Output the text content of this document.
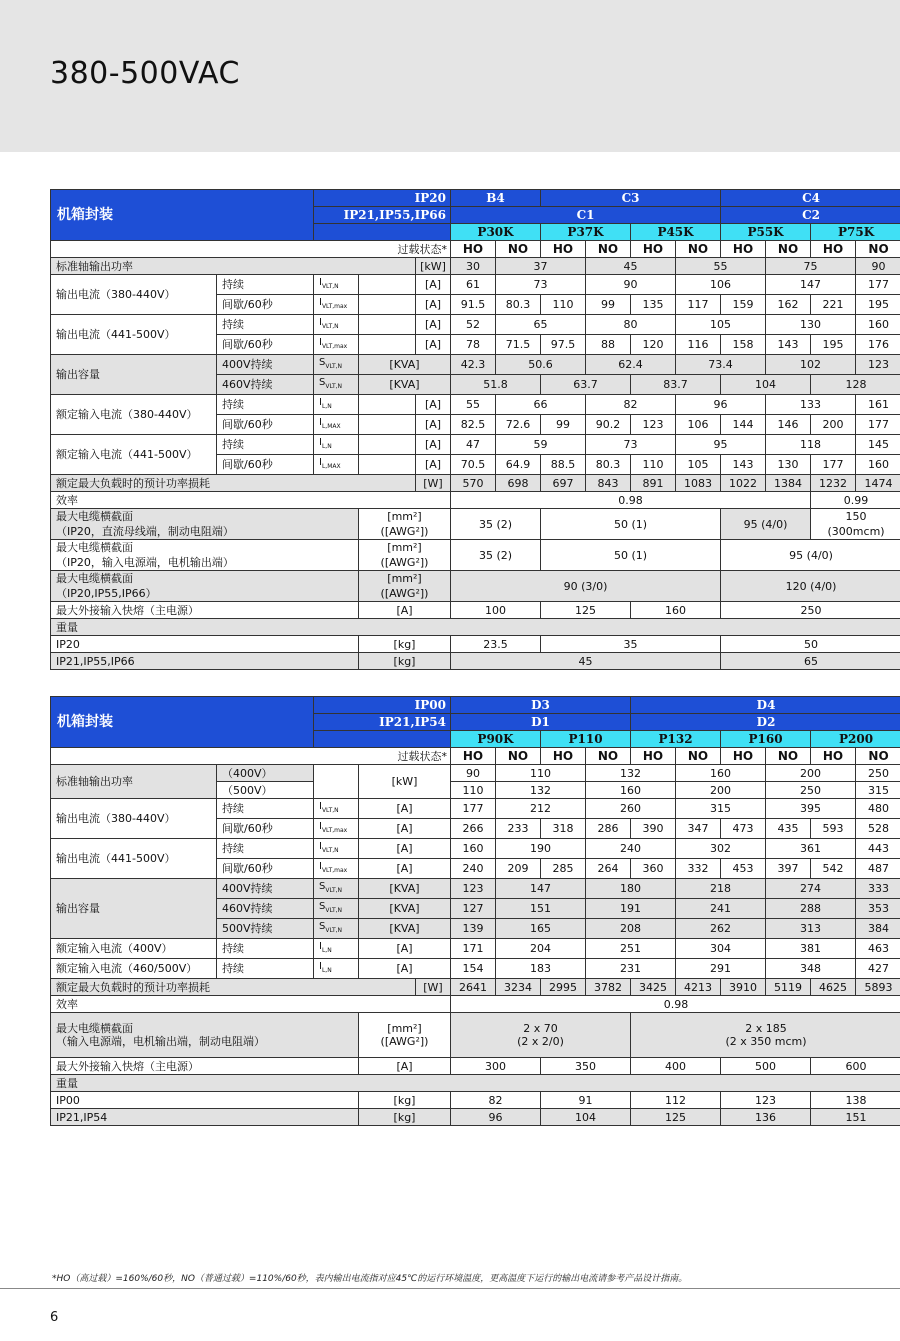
380-500VAC
机箱封装		IP20			B4		C3				C4			
		IP21,IP55,IP66			C1						C2			
					P30K		P37K		P45K		P55K		P75K	
过载状态*					HO	NO	HO	NO	HO	NO	HO	NO	HO	NO
标准轴输出功率				[kW]	30	37		45		55		75		90
输出电流（380-440V）	持续	$I_{VLT,N}$		[A]	61	73		90		106		147		177
	间歇/60秒	$I_{VLT,max}$		[A]	91.5	80.3	110	99	135	117	159	162	221	195
输出电流（441-500V）	持续	$I_{VLT,N}$		[A]	52	65		80		105		130		160
	间歇/60秒	$I_{VLT,max}$		[A]	78	71.5	97.5	88	120	116	158	143	195	176
输出容量	400V持续	$S_{VLT,N}$	[KVA]		42.3	50.6		62.4		73.4		102		123
	460V持续	$S_{VLT,N}$	[KVA]		51.8		63.7		83.7		104		128	
额定输入电流（380-440V）	持续	$I_{L,N}$		[A]	55	66		82		96		133		161
	间歇/60秒	$I_{L,MAX}$		[A]	82.5	72.6	99	90.2	123	106	144	146	200	177
额定输入电流（441-500V）	持续	$I_{L,N}$		[A]	47	59		73		95		118		145
	间歇/60秒	$I_{L,MAX}$		[A]	70.5	64.9	88.5	80.3	110	105	143	130	177	160
额定最大负载时的预计功率损耗				[W]	570	698	697	843	891	1083	1022	1384	1232	1474
效率					0.98								0.99	
最大电缆横截面
（IP20，直流母线端，制动电阻端）			[mm²]
([AWG²])		35 (2)		50 (1)				95 (4/0)		150
(300mcm)	
最大电缆横截面
（IP20，输入电源端，电机输出端）			[mm²]
([AWG²])		35 (2)		50 (1)				95 (4/0)			
最大电缆横截面
（IP20,IP55,IP66）			[mm²]
([AWG²])		90 (3/0)						120 (4/0)			
最大外接输入快熔（主电源）			[A]		100		125		160		250			
重量														
IP20			[kg]		23.5		35				50			
IP21,IP55,IP66			[kg]		45						65			
机箱封装		IP00			D3				D4					
		IP21,IP54			D1				D2					
					P90K		P110		P132		P160		P200	
过载状态*					HO	NO	HO	NO	HO	NO	HO	NO	HO	NO
标准轴输出功率	（400V）		[kW]		90	110		132		160		200		250
	（500V）				110	132		160		200		250		315
输出电流（380-440V）	持续	$I_{VLT,N}$	[A]		177	212		260		315		395		480
	间歇/60秒	$I_{VLT,max}$	[A]		266	233	318	286	390	347	473	435	593	528
输出电流（441-500V）	持续	$I_{VLT,N}$	[A]		160	190		240		302		361		443
	间歇/60秒	$I_{VLT,max}$	[A]		240	209	285	264	360	332	453	397	542	487
输出容量	400V持续	$S_{VLT,N}$	[KVA]		123	147		180		218		274		333
	460V持续	$S_{VLT,N}$	[KVA]		127	151		191		241		288		353
	500V持续	$S_{VLT,N}$	[KVA]		139	165		208		262		313		384
额定输入电流（400V）	持续	$I_{L,N}$	[A]		171	204		251		304		381		463
额定输入电流（460/500V）	持续	$I_{L,N}$	[A]		154	183		231		291		348		427
额定最大负载时的预计功率损耗				[W]	2641	3234	2995	3782	3425	4213	3910	5119	4625	5893
效率					0.98									
最大电缆横截面
（输入电源端，电机输出端，制动电阻端）			[mm²]
([AWG²])		2 x 70
(2 x 2/0)				2 x 185
(2 x 350 mcm)					
最大外接输入快熔（主电源）			[A]		300		350		400		500		600	
重量														
IP00			[kg]		82		91		112		123		138	
IP21,IP54			[kg]		96		104		125		136		151	
*HO（高过载）=160%/60秒，NO（普通过载）=110%/60秒，表内输出电流指对应45℃的运行环境温度，更高温度下运行的输出电流请参考产品设计指南。
6
